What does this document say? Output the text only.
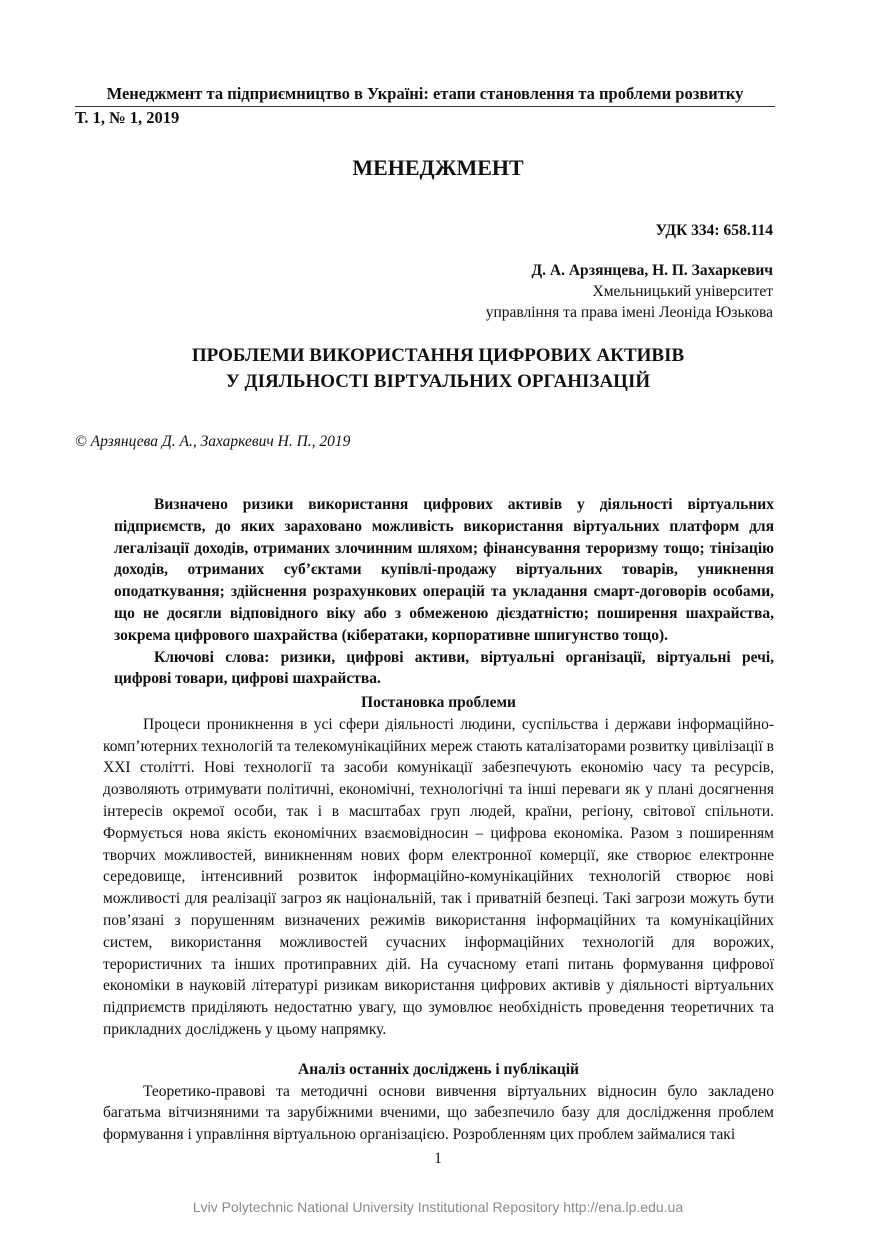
Менеджмент та підприємництво в Україні: етапи становлення та проблеми розвитку
Т. 1, № 1, 2019
МЕНЕДЖМЕНТ
УДК 334: 658.114
Д. А. Арзянцева, Н. П. Захаркевич
Хмельницький університет
управління та права імені Леоніда Юзькова
ПРОБЛЕМИ ВИКОРИСТАННЯ ЦИФРОВИХ АКТИВІВ
У ДІЯЛЬНОСТІ ВІРТУАЛЬНИХ ОРГАНІЗАЦІЙ
© Арзянцева Д. А., Захаркевич Н. П., 2019
Визначено ризики використання цифрових активів у діяльності віртуальних підприємств, до яких зараховано можливість використання віртуальних платформ для легалізації доходів, отриманих злочинним шляхом; фінансування тероризму тощо; тінізацію доходів, отриманих суб’єктами купівлі-продажу віртуальних товарів, уникнення оподаткування; здійснення розрахункових операцій та укладання смарт-договорів особами, що не досягли відповідного віку або з обмеженою дієздатністю; поширення шахрайства, зокрема цифрового шахрайства (кібератаки, корпоративне шпигунство тощо).
Ключові слова: ризики, цифрові активи, віртуальні організації, віртуальні речі, цифрові товари, цифрові шахрайства.
Постановка проблеми
Процеси проникнення в усі сфери діяльності людини, суспільства і держави інформаційно-комп’ютерних технологій та телекомунікаційних мереж стають каталізаторами розвитку цивілізації в XXI столітті. Нові технології та засоби комунікації забезпечують економію часу та ресурсів, дозволяють отримувати політичні, економічні, технологічні та інші переваги як у плані досягнення інтересів окремої особи, так і в масштабах груп людей, країни, регіону, світової спільноти. Формується нова якість економічних взаємовідносин – цифрова економіка. Разом з поширенням творчих можливостей, виникненням нових форм електронної комерції, яке створює електронне середовище, інтенсивний розвиток інформаційно-комунікаційних технологій створює нові можливості для реалізації загроз як національній, так і приватній безпеці. Такі загрози можуть бути пов’язані з порушенням визначених режимів використання інформаційних та комунікаційних систем, використання можливостей сучасних інформаційних технологій для ворожих, терористичних та інших протиправних дій. На сучасному етапі питань формування цифрової економіки в науковій літературі ризикам використання цифрових активів у діяльності віртуальних підприємств приділяють недостатню увагу, що зумовлює необхідність проведення теоретичних та прикладних досліджень у цьому напрямку.
Аналіз останніх досліджень і публікацій
Теоретико-правові та методичні основи вивчення віртуальних відносин було закладено багатьма вітчизняними та зарубіжними вченими, що забезпечило базу для дослідження проблем формування і управління віртуальною організацією. Розробленням цих проблем займалися такі
1
Lviv Polytechnic National University Institutional Repository http://ena.lp.edu.ua
